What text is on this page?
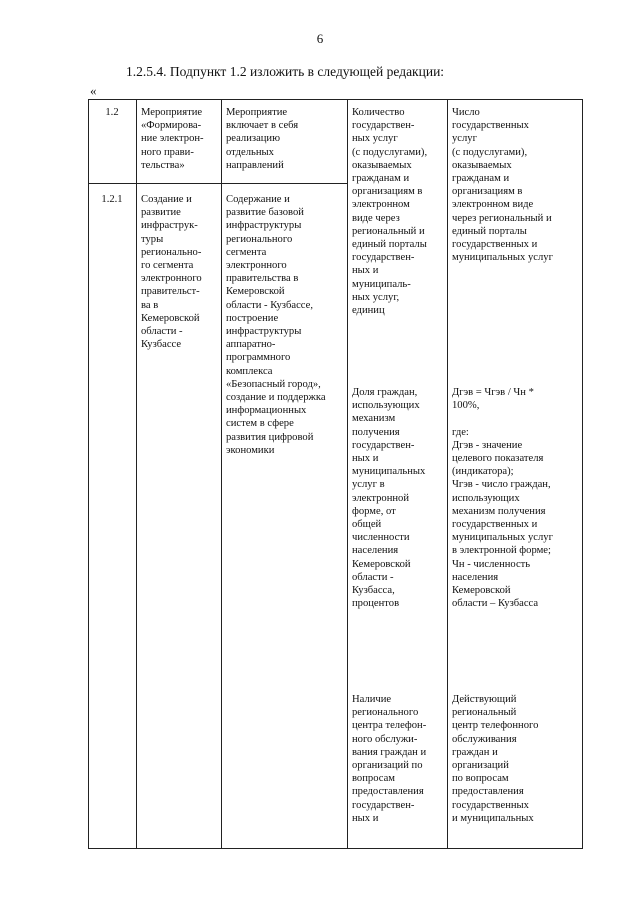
6
1.2.5.4. Подпункт 1.2 изложить в следующей редакции:
«
1.2	Мероприятие
«Формирова-
ние электрон-
ного прави-
тельства»
Мероприятие
включает в себя
реализацию
отдельных
направлений
1.2.1	Создание и
развитие
инфраструк-
туры
регионально-
го сегмента
электронного
правительст-
ва в
Кемеровской
области -
Кузбассе
Содержание и
развитие базовой
инфраструктуры
регионального
сегмента
электронного
правительства в
Кемеровской
области - Кузбассе,
построение
инфраструктуры
аппаратно-
программного
комплекса
«Безопасный город»,
создание и поддержка
информационных
систем в сфере
развития цифровой
экономики
Количество
государствен-
ных услуг
(с подуслугами),
оказываемых
гражданам и
организациям в
электронном
виде через
региональный и
единый порталы
государствен-
ных и
муниципаль-
ных услуг,
единиц
Число
государственных
услуг
(с подуслугами),
оказываемых
гражданам и
организациям в
электронном виде
через региональный и
единый порталы
государственных и
муниципальных услуг
Доля граждан,
использующих
механизм
получения
государствен-
ных и
муниципальных
услуг в
электронной
форме, от
общей
численности
населения
Кемеровской
области -
Кузбасса,
процентов
Дгэв = Чгэв / Чн *
100%,

где:
Дгэв - значение
целевого показателя
(индикатора);
Чгэв - число граждан,
использующих
механизм получения
государственных и
муниципальных услуг
в электронной форме;
Чн - численность
населения
Кемеровской
области – Кузбасса
Наличие
регионального
центра телефон-
ного обслужи-
вания граждан и
организаций по
вопросам
предоставления
государствен-
ных и
Действующий
региональный
центр телефонного
обслуживания
граждан и
организаций
по вопросам
предоставления
государственных
и муниципальных
